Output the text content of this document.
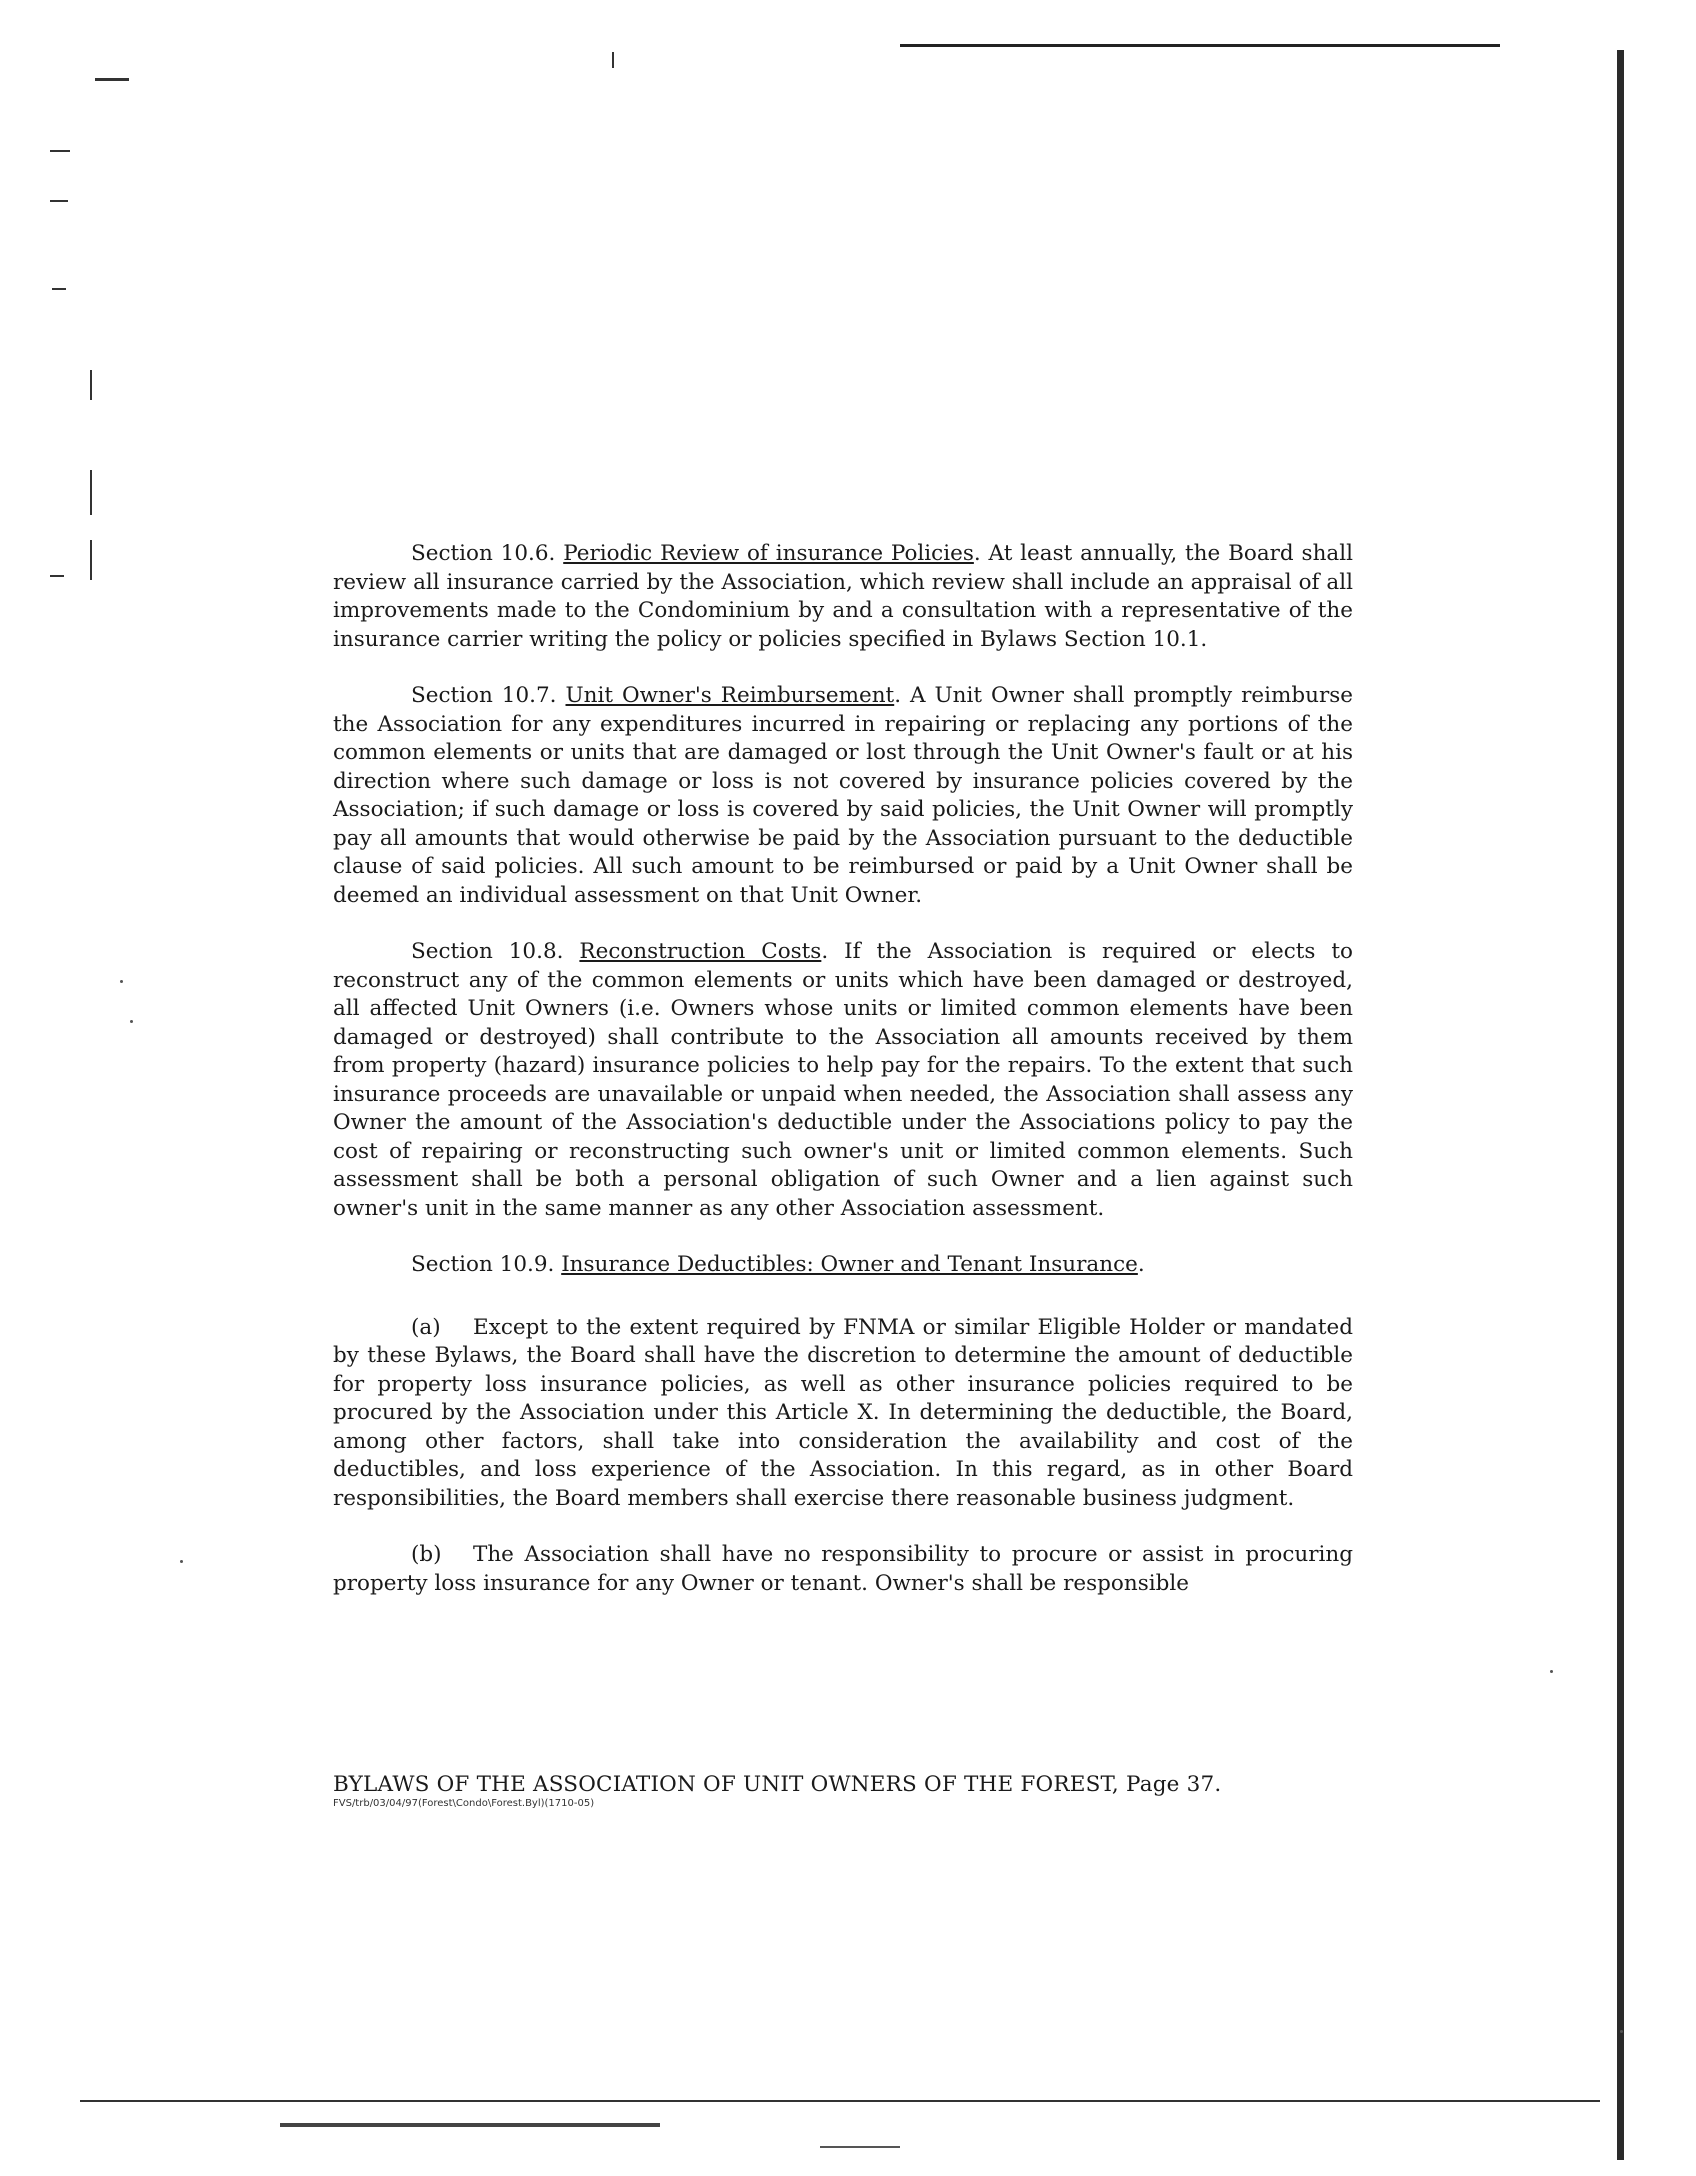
Section 10.6. Periodic Review of insurance Policies. At least annually, the Board shall review all insurance carried by the Association, which review shall include an appraisal of all improvements made to the Condominium by and a consultation with a representative of the insurance carrier writing the policy or policies specified in Bylaws Section 10.1.

Section 10.7. Unit Owner's Reimbursement. A Unit Owner shall promptly reimburse the Association for any expenditures incurred in repairing or replacing any portions of the common elements or units that are damaged or lost through the Unit Owner's fault or at his direction where such damage or loss is not covered by insurance policies covered by the Association; if such damage or loss is covered by said policies, the Unit Owner will promptly pay all amounts that would otherwise be paid by the Association pursuant to the deductible clause of said policies. All such amount to be reimbursed or paid by a Unit Owner shall be deemed an individual assessment on that Unit Owner.

Section 10.8. Reconstruction Costs. If the Association is required or elects to reconstruct any of the common elements or units which have been damaged or destroyed, all affected Unit Owners (i.e. Owners whose units or limited common elements have been damaged or destroyed) shall contribute to the Association all amounts received by them from property (hazard) insurance policies to help pay for the repairs. To the extent that such insurance proceeds are unavailable or unpaid when needed, the Association shall assess any Owner the amount of the Association's deductible under the Associations policy to pay the cost of repairing or reconstructing such owner's unit or limited common elements. Such assessment shall be both a personal obligation of such Owner and a lien against such owner's unit in the same manner as any other Association assessment.

Section 10.9. Insurance Deductibles: Owner and Tenant Insurance.

(a) Except to the extent required by FNMA or similar Eligible Holder or mandated by these Bylaws, the Board shall have the discretion to determine the amount of deductible for property loss insurance policies, as well as other insurance policies required to be procured by the Association under this Article X. In determining the deductible, the Board, among other factors, shall take into consideration the availability and cost of the deductibles, and loss experience of the Association. In this regard, as in other Board responsibilities, the Board members shall exercise there reasonable business judgment.

(b) The Association shall have no responsibility to procure or assist in procuring property loss insurance for any Owner or tenant. Owner's shall be responsible

BYLAWS OF THE ASSOCIATION OF UNIT OWNERS OF THE FOREST, Page 37.
FVS/trb/03/04/97(Forest\Condo\Forest.Byl)(1710-05)
